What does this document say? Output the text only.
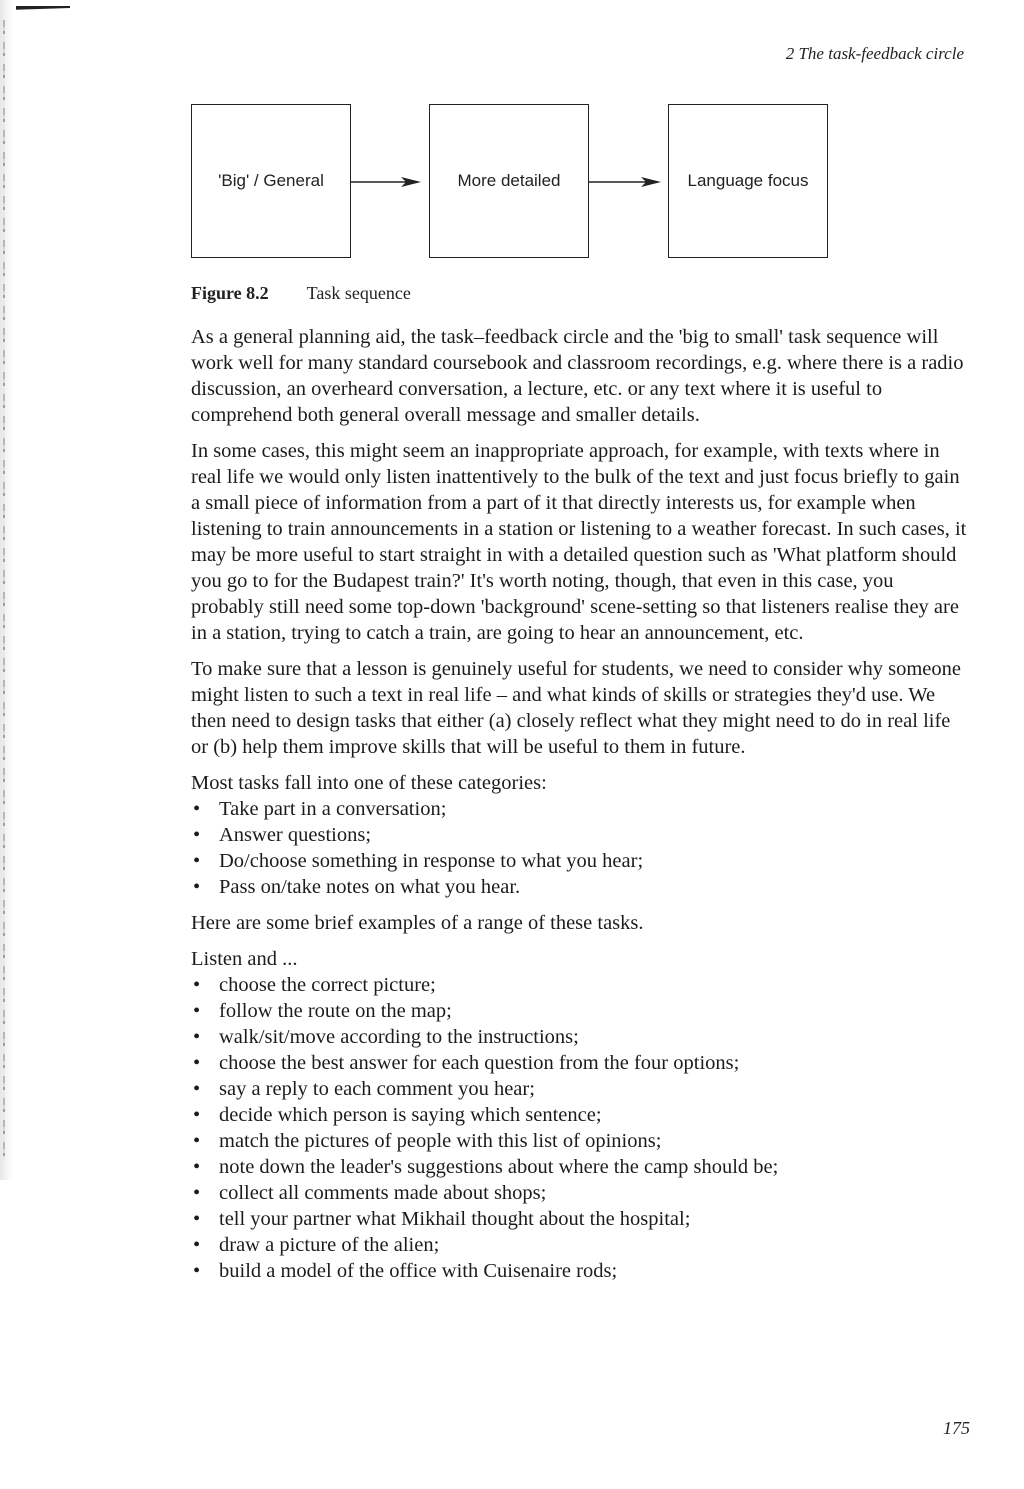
2 The task-feedback circle
'Big' / General	More detailed	Language focus
Figure 8.2 Task sequence

As a general planning aid, the task–feedback circle and the 'big to small' task sequence will work well for many standard coursebook and classroom recordings, e.g. where there is a radio discussion, an overheard conversation, a lecture, etc. or any text where it is useful to comprehend both general overall message and smaller details.

In some cases, this might seem an inappropriate approach, for example, with texts where in real life we would only listen inattentively to the bulk of the text and just focus briefly to gain a small piece of information from a part of it that directly interests us, for example when listening to train announcements in a station or listening to a weather forecast. In such cases, it may be more useful to start straight in with a detailed question such as 'What platform should you go to for the Budapest train?' It's worth noting, though, that even in this case, you probably still need some top-down 'background' scene-setting so that listeners realise they are in a station, trying to catch a train, are going to hear an announcement, etc.

To make sure that a lesson is genuinely useful for students, we need to consider why someone might listen to such a text in real life – and what kinds of skills or strategies they'd use. We then need to design tasks that either (a) closely reflect what they might need to do in real life or (b) help them improve skills that will be useful to them in future.

Most tasks fall into one of these categories:

• Take part in a conversation;
• Answer questions;
• Do/choose something in response to what you hear;
• Pass on/take notes on what you hear.

Here are some brief examples of a range of these tasks.

Listen and ...

• choose the correct picture;
• follow the route on the map;
• walk/sit/move according to the instructions;
• choose the best answer for each question from the four options;
• say a reply to each comment you hear;
• decide which person is saying which sentence;
• match the pictures of people with this list of opinions;
• note down the leader's suggestions about where the camp should be;
• collect all comments made about shops;
• tell your partner what Mikhail thought about the hospital;
• draw a picture of the alien;
• build a model of the office with Cuisenaire rods;
175
